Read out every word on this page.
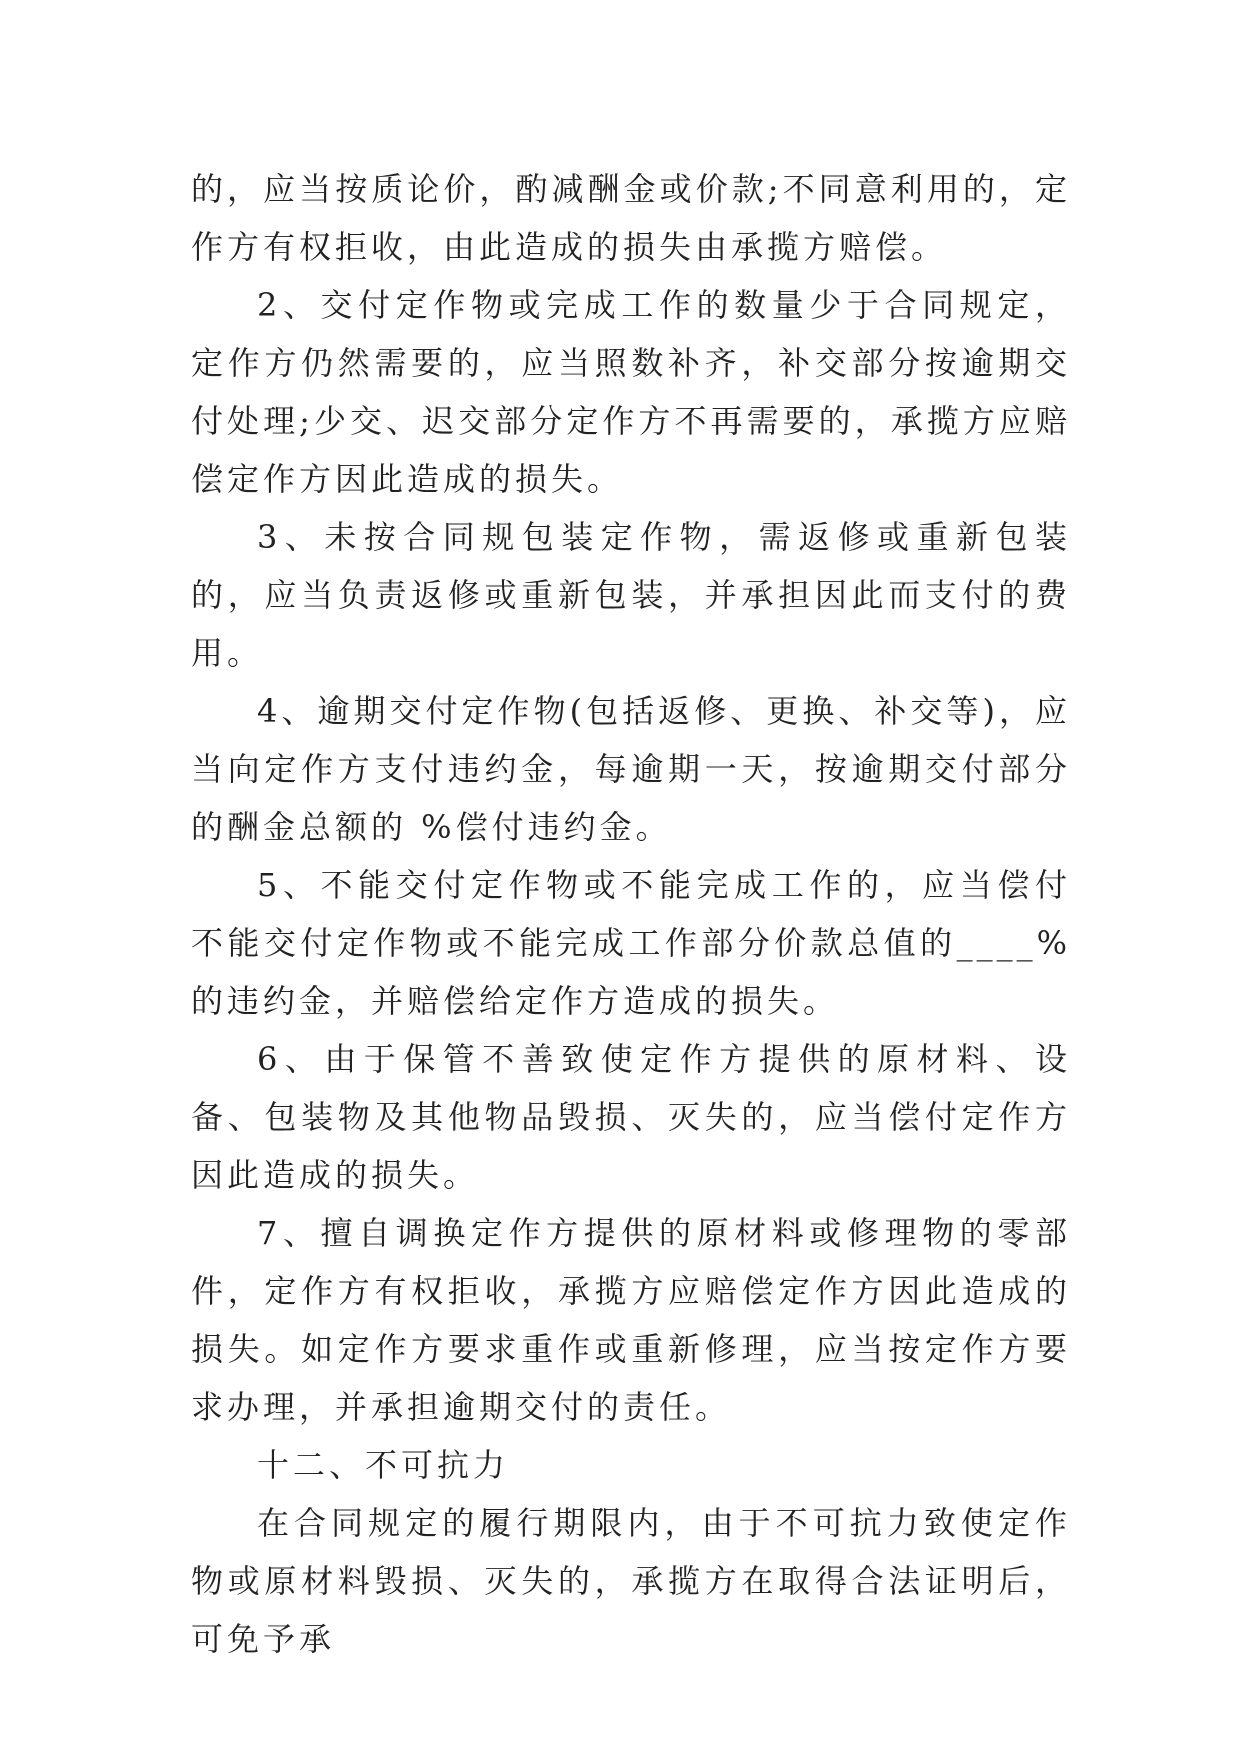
的，应当按质论价，酌减酬金或价款;不同意利用的，定作方有权拒收，由此造成的损失由承揽方赔偿。

2、交付定作物或完成工作的数量少于合同规定，定作方仍然需要的，应当照数补齐，补交部分按逾期交付处理;少交、迟交部分定作方不再需要的，承揽方应赔偿定作方因此造成的损失。

3、未按合同规包装定作物，需返修或重新包装的，应当负责返修或重新包装，并承担因此而支付的费用。

4、逾期交付定作物(包括返修、更换、补交等)，应当向定作方支付违约金，每逾期一天，按逾期交付部分的酬金总额的 %偿付违约金。

5、不能交付定作物或不能完成工作的，应当偿付不能交付定作物或不能完成工作部分价款总值的____%的违约金，并赔偿给定作方造成的损失。

6、由于保管不善致使定作方提供的原材料、设备、包装物及其他物品毁损、灭失的，应当偿付定作方因此造成的损失。

7、擅自调换定作方提供的原材料或修理物的零部件，定作方有权拒收，承揽方应赔偿定作方因此造成的损失。如定作方要求重作或重新修理，应当按定作方要求办理，并承担逾期交付的责任。

十二、不可抗力

在合同规定的履行期限内，由于不可抗力致使定作物或原材料毁损、灭失的，承揽方在取得合法证明后，可免予承
